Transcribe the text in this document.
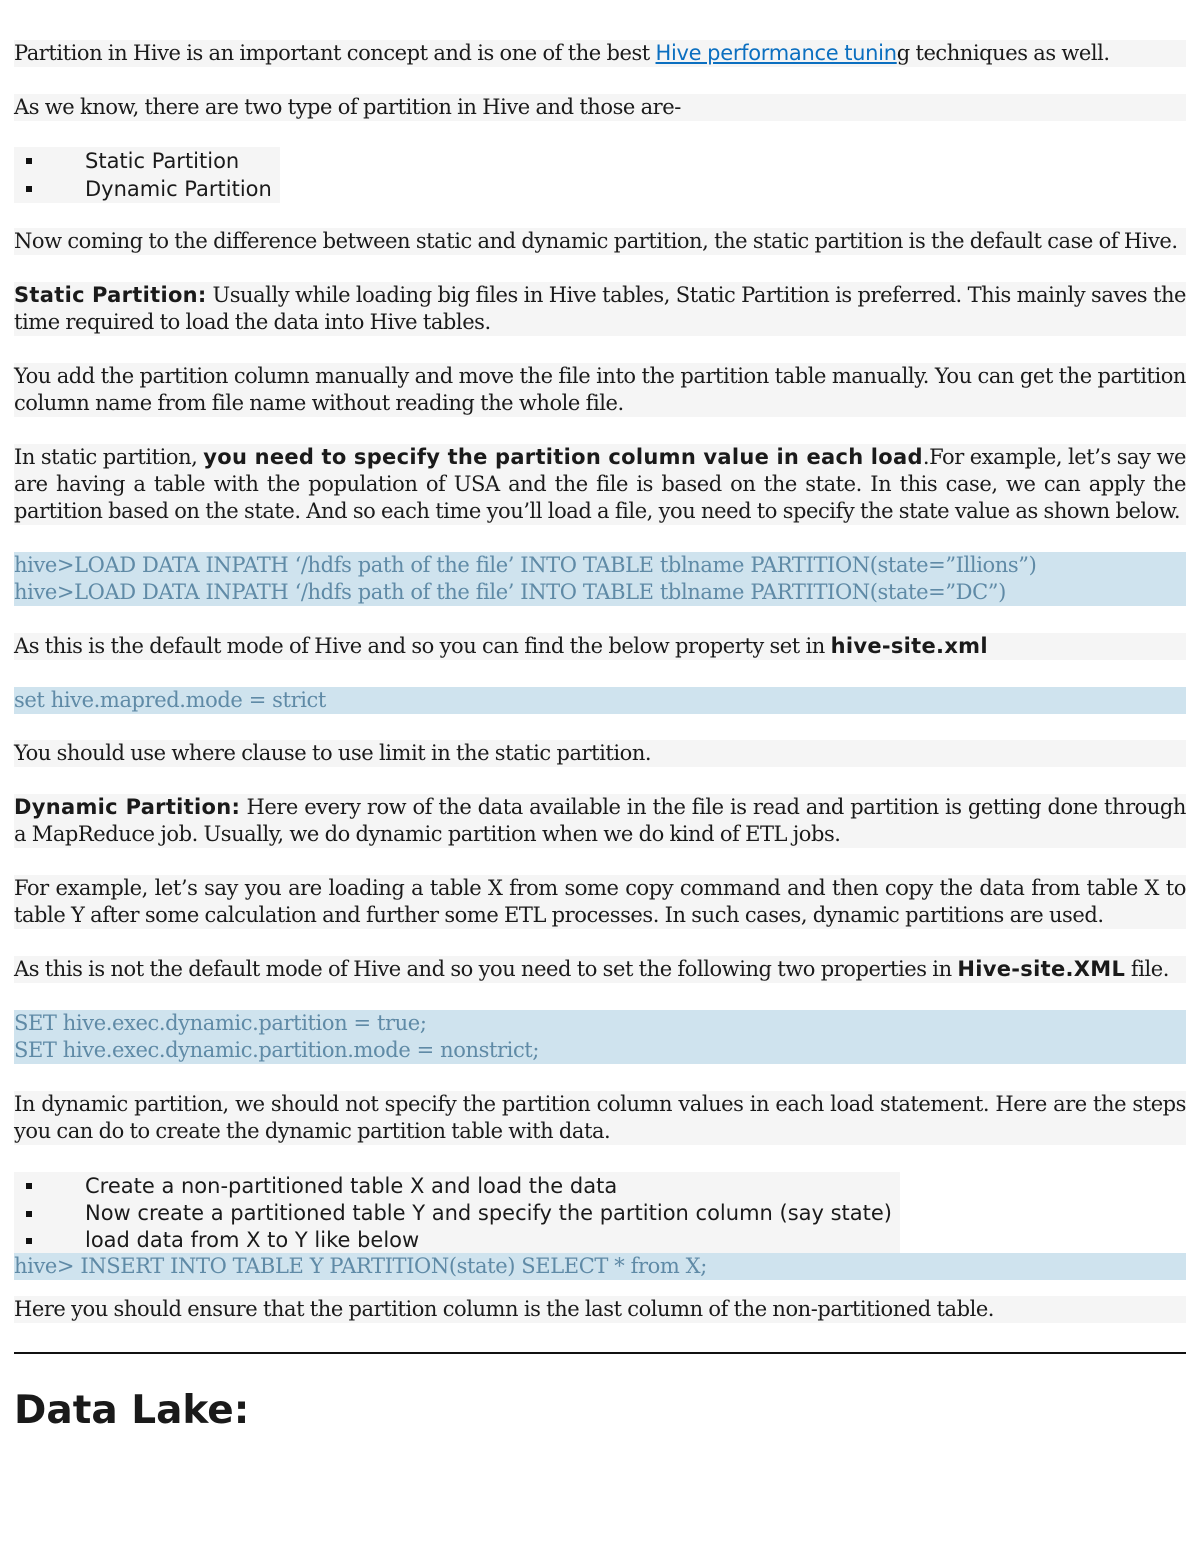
Partition in Hive is an important concept and is one of the best Hive performance tuning techniques as well.

As we know, there are two type of partition in Hive and those are-

Static Partition
Dynamic Partition

Now coming to the difference between static and dynamic partition, the static partition is the default case of Hive.

Static Partition: Usually while loading big files in Hive tables, Static Partition is preferred. This mainly saves the time required to load the data into Hive tables.

You add the partition column manually and move the file into the partition table manually. You can get the partition column name from file name without reading the whole file.

In static partition, you need to specify the partition column value in each load.For example, let’s say we are having a table with the population of USA and the file is based on the state. In this case, we can apply the partition based on the state. And so each time you’ll load a file, you need to specify the state value as shown below.

hive>LOAD DATA INPATH ‘/hdfs path of the file’ INTO TABLE tblname PARTITION(state=”Illions”)

hive>LOAD DATA INPATH ‘/hdfs path of the file’ INTO TABLE tblname PARTITION(state=”DC”)

As this is the default mode of Hive and so you can find the below property set in hive-site.xml

set hive.mapred.mode = strict

You should use where clause to use limit in the static partition.

Dynamic Partition: Here every row of the data available in the file is read and partition is getting done through a MapReduce job. Usually, we do dynamic partition when we do kind of ETL jobs.

For example, let’s say you are loading a table X from some copy command and then copy the data from table X to table Y after some calculation and further some ETL processes. In such cases, dynamic partitions are used.

As this is not the default mode of Hive and so you need to set the following two properties in Hive-site.XML file.

SET hive.exec.dynamic.partition = true;

SET hive.exec.dynamic.partition.mode = nonstrict;

In dynamic partition, we should not specify the partition column values in each load statement. Here are the steps you can do to create the dynamic partition table with data.

Create a non-partitioned table X and load the data
Now create a partitioned table Y and specify the partition column (say state)
load data from X to Y like below

hive> INSERT INTO TABLE Y PARTITION(state) SELECT * from X;

Here you should ensure that the partition column is the last column of the non-partitioned table.

Data Lake:
